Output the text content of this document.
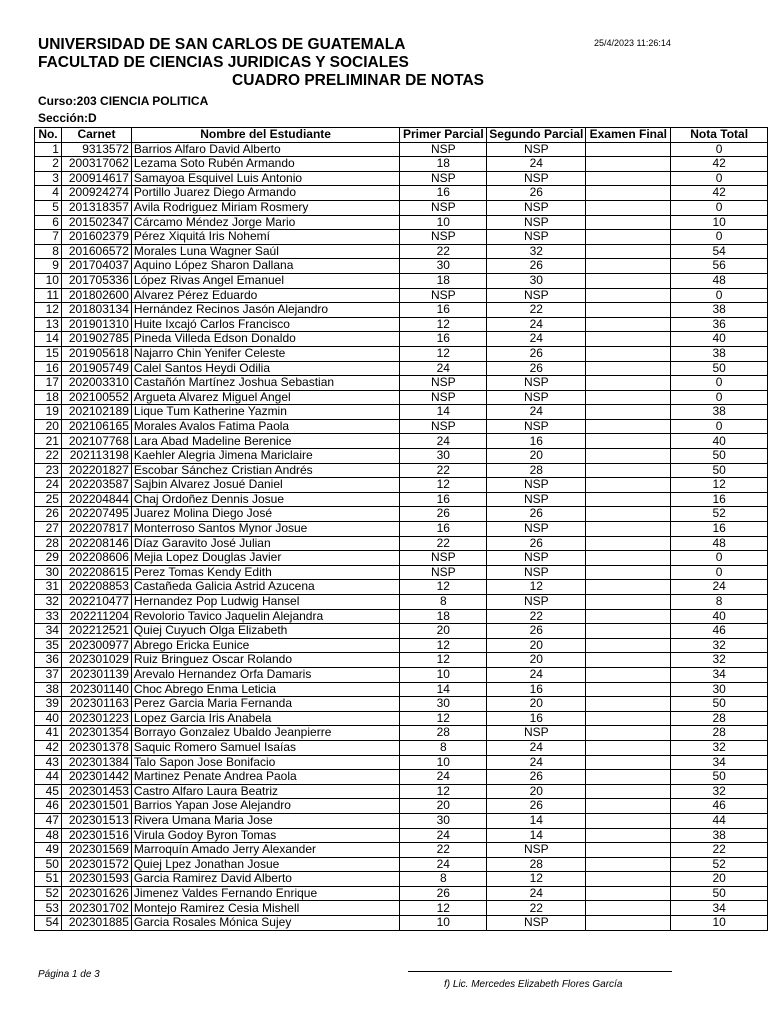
UNIVERSIDAD DE SAN CARLOS DE GUATEMALA
FACULTAD DE CIENCIAS JURIDICAS Y SOCIALES
CUADRO PRELIMINAR DE NOTAS
25/4/2023 11:26:14
Curso:203 CIENCIA POLITICA
Sección:D
No.	Carnet	Nombre del Estudiante	Primer Parcial	Segundo Parcial	Examen Final	Nota Total
1	9313572	Barrios Alfaro David Alberto	NSP	NSP		0
2	200317062	Lezama Soto Rubén Armando	18	24		42
3	200914617	Samayoa Esquivel Luis Antonio	NSP	NSP		0
4	200924274	Portillo Juarez Diego Armando	16	26		42
5	201318357	Avila Rodriguez Miriam Rosmery	NSP	NSP		0
6	201502347	Cárcamo Méndez Jorge Mario	10	NSP		10
7	201602379	Pérez Xiquitá Iris Nohemí	NSP	NSP		0
8	201606572	Morales Luna Wagner Saúl	22	32		54
9	201704037	Aquino López Sharon Dallana	30	26		56
10	201705336	López Rivas Angel Emanuel	18	30		48
11	201802600	Alvarez Pérez Eduardo	NSP	NSP		0
12	201803134	Hernández Recinos Jasón Alejandro	16	22		38
13	201901310	Huite Ixcajó Carlos Francisco	12	24		36
14	201902785	Pineda Villeda Edson Donaldo	16	24		40
15	201905618	Najarro Chin Yenifer Celeste	12	26		38
16	201905749	Calel Santos Heydi Odilia	24	26		50
17	202003310	Castañón Martínez Joshua Sebastian	NSP	NSP		0
18	202100552	Argueta Alvarez Miguel Angel	NSP	NSP		0
19	202102189	Lique Tum Katherine Yazmin	14	24		38
20	202106165	Morales Avalos Fatima Paola	NSP	NSP		0
21	202107768	Lara Abad Madeline Berenice	24	16		40
22	202113198	Kaehler Alegria Jimena Mariclaire	30	20		50
23	202201827	Escobar Sánchez Cristian Andrés	22	28		50
24	202203587	Sajbin Alvarez Josué Daniel	12	NSP		12
25	202204844	Chaj Ordoñez Dennis Josue	16	NSP		16
26	202207495	Juarez Molina Diego José	26	26		52
27	202207817	Monterroso Santos Mynor Josue	16	NSP		16
28	202208146	Díaz Garavito José Julian	22	26		48
29	202208606	Mejia Lopez Douglas Javier	NSP	NSP		0
30	202208615	Perez Tomas Kendy Edith	NSP	NSP		0
31	202208853	Castañeda Galicia Astrid Azucena	12	12		24
32	202210477	Hernandez Pop Ludwig Hansel	8	NSP		8
33	202211204	Revolorio Tavico Jaquelin Alejandra	18	22		40
34	202212521	Quiej Cuyuch Olga Elizabeth	20	26		46
35	202300977	Abrego Ericka Eunice	12	20		32
36	202301029	Ruiz Bringuez Oscar Rolando	12	20		32
37	202301139	Arevalo Hernandez Orfa Damaris	10	24		34
38	202301140	Choc Abrego Enma Leticia	14	16		30
39	202301163	Perez Garcia Maria Fernanda	30	20		50
40	202301223	Lopez Garcia Iris Anabela	12	16		28
41	202301354	Borrayo Gonzalez Ubaldo Jeanpierre	28	NSP		28
42	202301378	Saquic Romero Samuel Isaías	8	24		32
43	202301384	Talo Sapon Jose Bonifacio	10	24		34
44	202301442	Martinez Penate Andrea Paola	24	26		50
45	202301453	Castro Alfaro Laura Beatriz	12	20		32
46	202301501	Barrios Yapan Jose Alejandro	20	26		46
47	202301513	Rivera Umana Maria Jose	30	14		44
48	202301516	Virula Godoy Byron Tomas	24	14		38
49	202301569	Marroquín Amado Jerry Alexander	22	NSP		22
50	202301572	Quiej Lpez Jonathan Josue	24	28		52
51	202301593	Garcia Ramirez David Alberto	8	12		20
52	202301626	Jimenez Valdes Fernando Enrique	26	24		50
53	202301702	Montejo Ramirez Cesia Mishell	12	22		34
54	202301885	Garcia Rosales Mónica Sujey	10	NSP		10
Página 1 de 3
f) Lic. Mercedes Elizabeth Flores García
